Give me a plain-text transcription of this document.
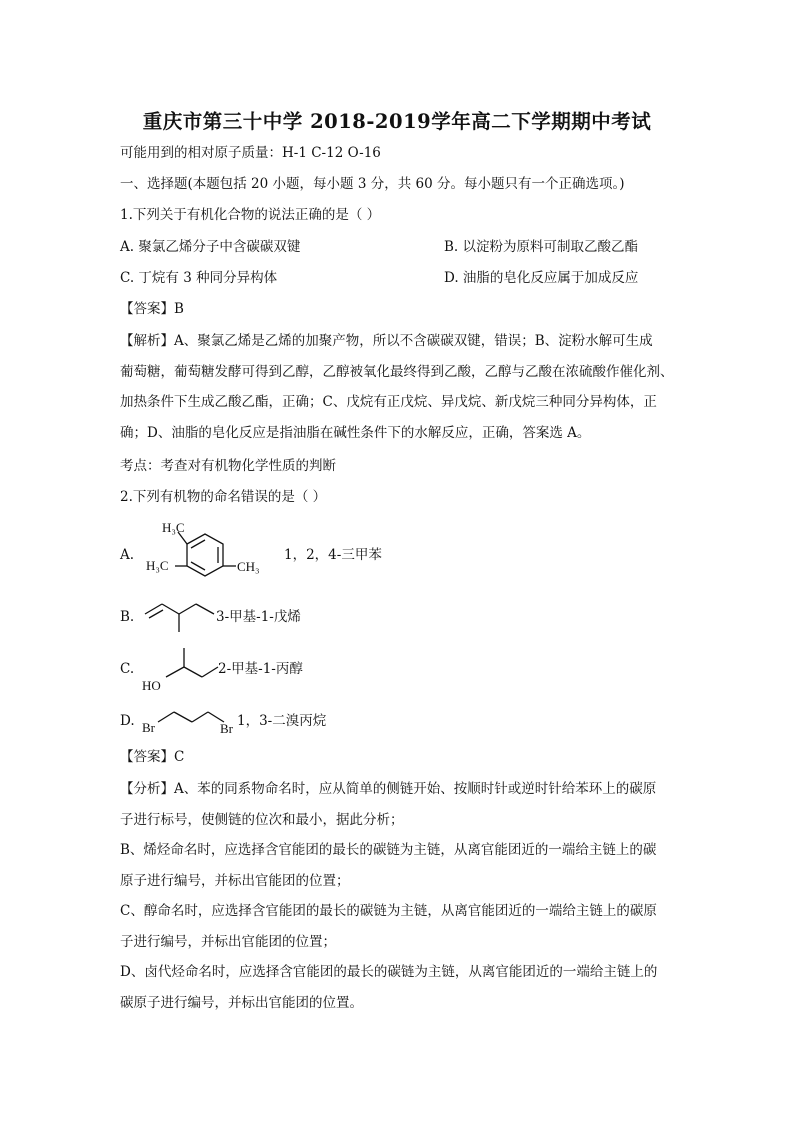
重庆市第三十中学 2018-2019学年高二下学期期中考试
可能用到的相对原子质量：H-1 C-12 O-16
一、选择题(本题包括 20 小题，每小题 3 分，共 60 分。每小题只有一个正确选项。)
1.下列关于有机化合物的说法正确的是（ ）
A. 聚氯乙烯分子中含碳碳双键	B. 以淀粉为原料可制取乙酸乙酯
C. 丁烷有 3 种同分异构体	D. 油脂的皂化反应属于加成反应
【答案】B
【解析】A、聚氯乙烯是乙烯的加聚产物，所以不含碳碳双键，错误；B、淀粉水解可生成
葡萄糖，葡萄糖发酵可得到乙醇，乙醇被氧化最终得到乙酸，乙醇与乙酸在浓硫酸作催化剂、
加热条件下生成乙酸乙酯，正确；C、戊烷有正戊烷、异戊烷、新戊烷三种同分异构体，正
确；D、油脂的皂化反应是指油脂在碱性条件下的水解反应，正确，答案选 A。
考点：考查对有机物化学性质的判断
2.下列有机物的命名错误的是（ ）
A.
H₃C
H₃C	CH₃
1，2，4-三甲苯
B.	3-甲基-1-戊烯
C.
HO
2-甲基-1-丙醇
D. Br	Br 1，3-二溴丙烷
【答案】C
【分析】A、苯的同系物命名时，应从简单的侧链开始、按顺时针或逆时针给苯环上的碳原
子进行标号，使侧链的位次和最小，据此分析；
B、烯烃命名时，应选择含官能团的最长的碳链为主链，从离官能团近的一端给主链上的碳
原子进行编号，并标出官能团的位置；
C、醇命名时，应选择含官能团的最长的碳链为主链，从离官能团近的一端给主链上的碳原
子进行编号，并标出官能团的位置；
D、卤代烃命名时，应选择含官能团的最长的碳链为主链，从离官能团近的一端给主链上的
碳原子进行编号，并标出官能团的位置。
